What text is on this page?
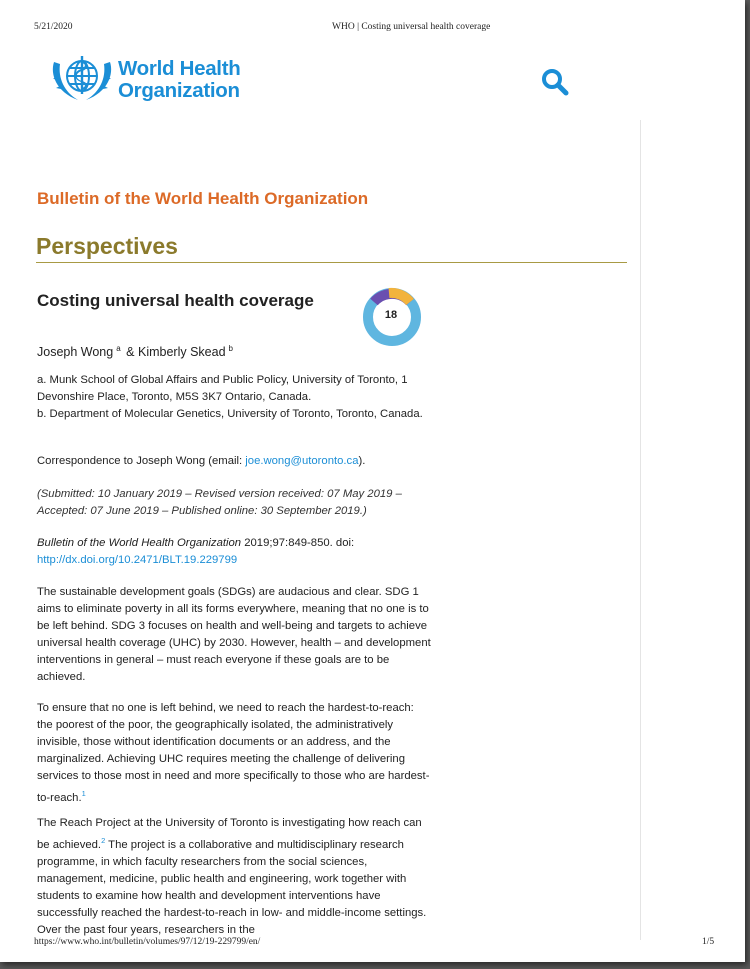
5/21/2020	WHO | Costing universal health coverage
World Health
Organization
Bulletin of the World Health Organization
Perspectives
Costing universal health coverage
18
Joseph Wong $^a$ & Kimberly Skead $^b$

a. Munk School of Global Affairs and Public Policy, University of Toronto, 1 Devonshire Place, Toronto, M5S 3K7 Ontario, Canada.

b. Department of Molecular Genetics, University of Toronto, Toronto, Canada.

Correspondence to Joseph Wong (email: joe.wong@utoronto.ca).
(Submitted: 10 January 2019 – Revised version received: 07 May 2019 – Accepted: 07 June 2019 – Published online: 30 September 2019.)
Bulletin of the World Health Organization 2019;97:849-850. doi:
http://dx.doi.org/10.2471/BLT.19.229799
The sustainable development goals (SDGs) are audacious and clear. SDG 1 aims to eliminate poverty in all its forms everywhere, meaning that no one is to be left behind. SDG 3 focuses on health and well-being and targets to achieve universal health coverage (UHC) by 2030. However, health – and development interventions in general – must reach everyone if these goals are to be achieved.
To ensure that no one is left behind, we need to reach the hardest-to-reach: the poorest of the poor, the geographically isolated, the administratively invisible, those without identification documents or an address, and the marginalized. Achieving UHC requires meeting the challenge of delivering services to those most in need and more specifically to those who are hardest-to-reach.$^1$
The Reach Project at the University of Toronto is investigating how reach can be achieved.$^2$ The project is a collaborative and multidisciplinary research programme, in which faculty researchers from the social sciences, management, medicine, public health and engineering, work together with students to examine how health and development interventions have successfully reached the hardest-to-reach in low- and middle-income settings. Over the past four years, researchers in the
https://www.who.int/bulletin/volumes/97/12/19-229799/en/	1/5
